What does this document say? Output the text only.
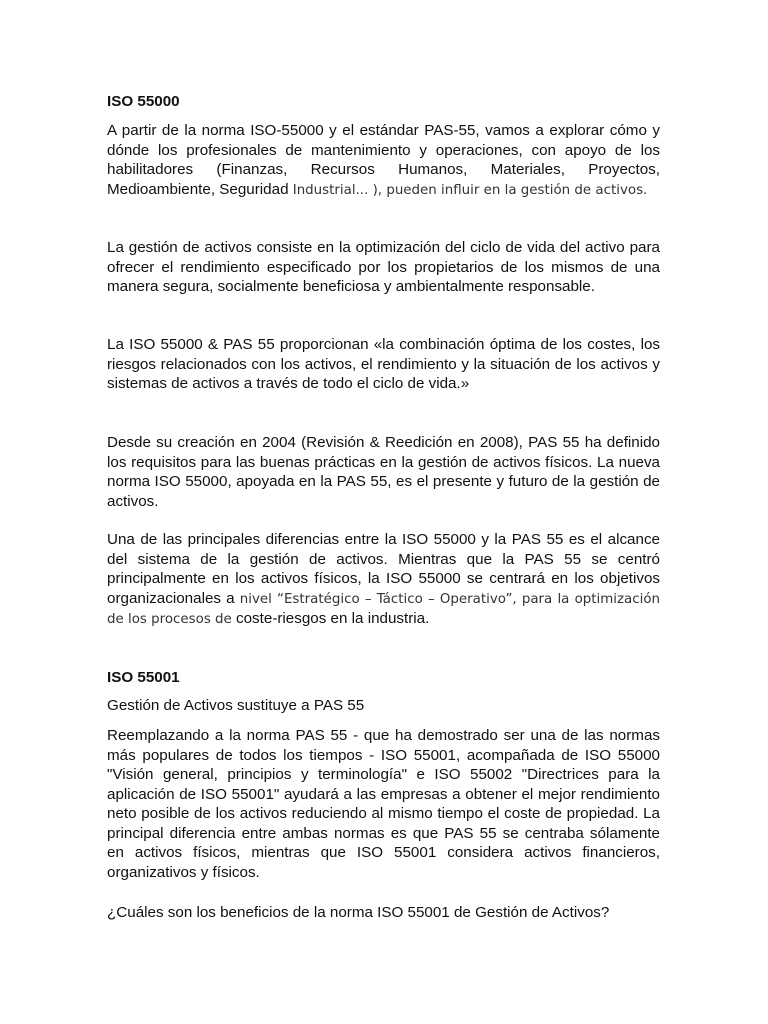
ISO 55000

A partir de la norma ISO-55000 y el estándar PAS-55, vamos a explorar cómo y dónde los profesionales de mantenimiento y operaciones, con apoyo de los habilitadores (Finanzas, Recursos Humanos, Materiales, Proyectos, Medioambiente, Seguridad Industrial... ), pueden influir en la gestión de activos.

La gestión de activos consiste en la optimización del ciclo de vida del activo para ofrecer el rendimiento especificado por los propietarios de los mismos de una manera segura, socialmente beneficiosa y ambientalmente responsable.

La ISO 55000 & PAS 55 proporcionan «la combinación óptima de los costes, los riesgos relacionados con los activos, el rendimiento y la situación de los activos y sistemas de activos a través de todo el ciclo de vida.»

Desde su creación en 2004 (Revisión & Reedición en 2008), PAS 55 ha definido los requisitos para las buenas prácticas en la gestión de activos físicos. La nueva norma ISO 55000, apoyada en la PAS 55, es el presente y futuro de la gestión de activos.

Una de las principales diferencias entre la ISO 55000 y la PAS 55 es el alcance del sistema de la gestión de activos. Mientras que la PAS 55 se centró principalmente en los activos físicos, la ISO 55000 se centrará en los objetivos organizacionales a nivel “Estratégico – Táctico – Operativo”, para la optimización de los procesos de coste-riesgos en la industria.

ISO 55001

Gestión de Activos sustituye a PAS 55

Reemplazando a la norma PAS 55 - que ha demostrado ser una de las normas más populares de todos los tiempos - ISO 55001, acompañada de ISO 55000 "Visión general, principios y terminología" e ISO 55002 "Directrices para la aplicación de ISO 55001" ayudará a las empresas a obtener el mejor rendimiento neto posible de los activos reduciendo al mismo tiempo el coste de propiedad. La principal diferencia entre ambas normas es que PAS 55 se centraba sólamente en activos físicos, mientras que ISO 55001 considera activos financieros, organizativos y físicos.

¿Cuáles son los beneficios de la norma ISO 55001 de Gestión de Activos?
